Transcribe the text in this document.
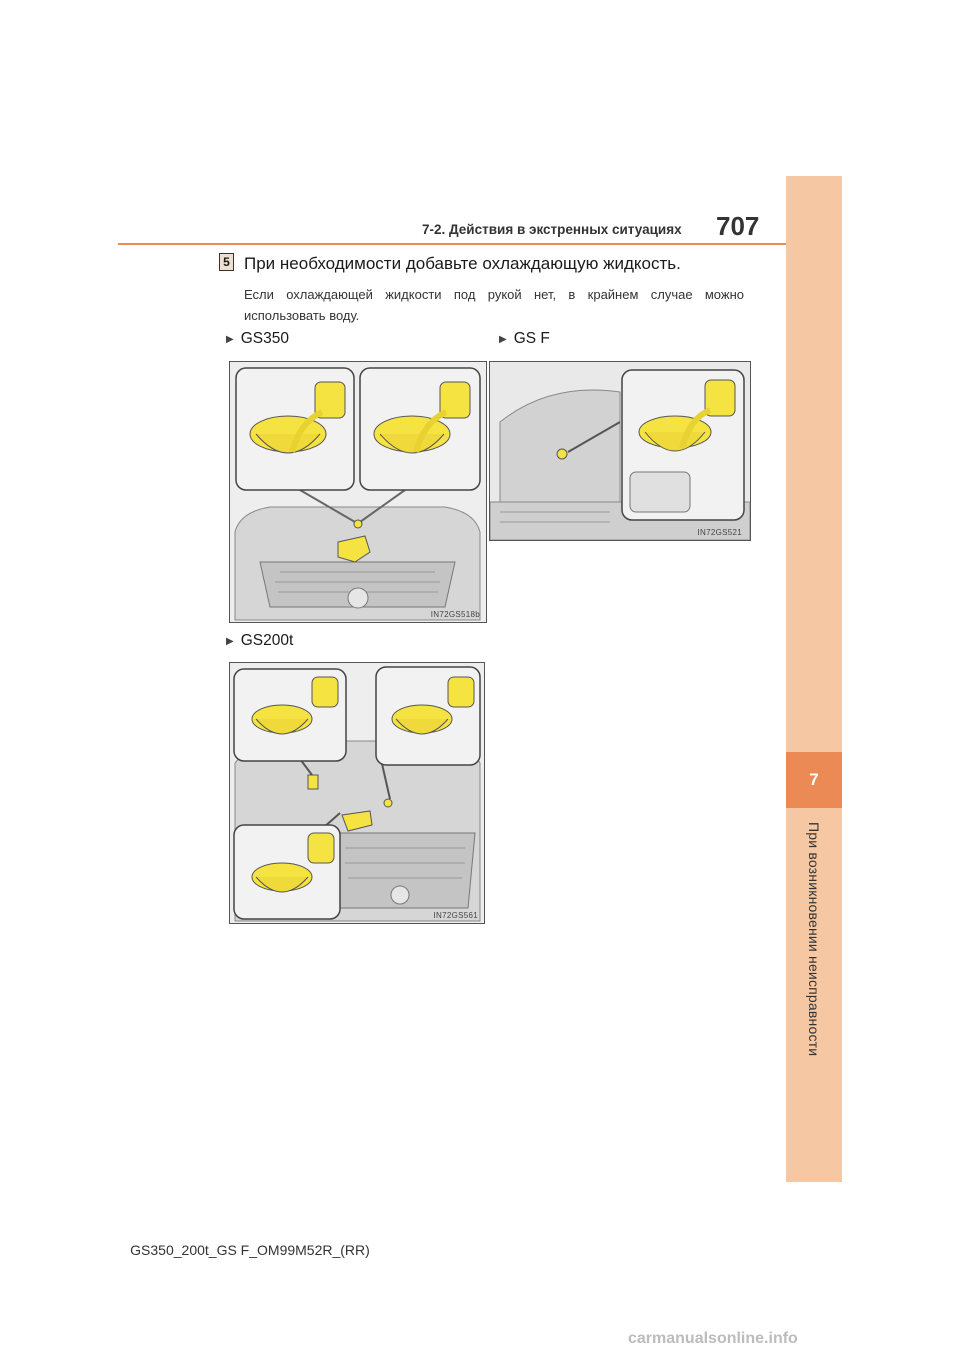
7
При возникновении неисправности
7-2. Действия в экстренных ситуациях 707
5 При необходимости добавьте охлаждающую жидкость.
Если охлаждающей жидкости под рукой нет, в крайнем случае можно использовать воду.
▶ GS350
IN72GS518b
▶ GS F
IN72GS521
▶ GS200t
IN72GS561
GS350_200t_GS F_OM99M52R_(RR)
carmanualsonline.info
